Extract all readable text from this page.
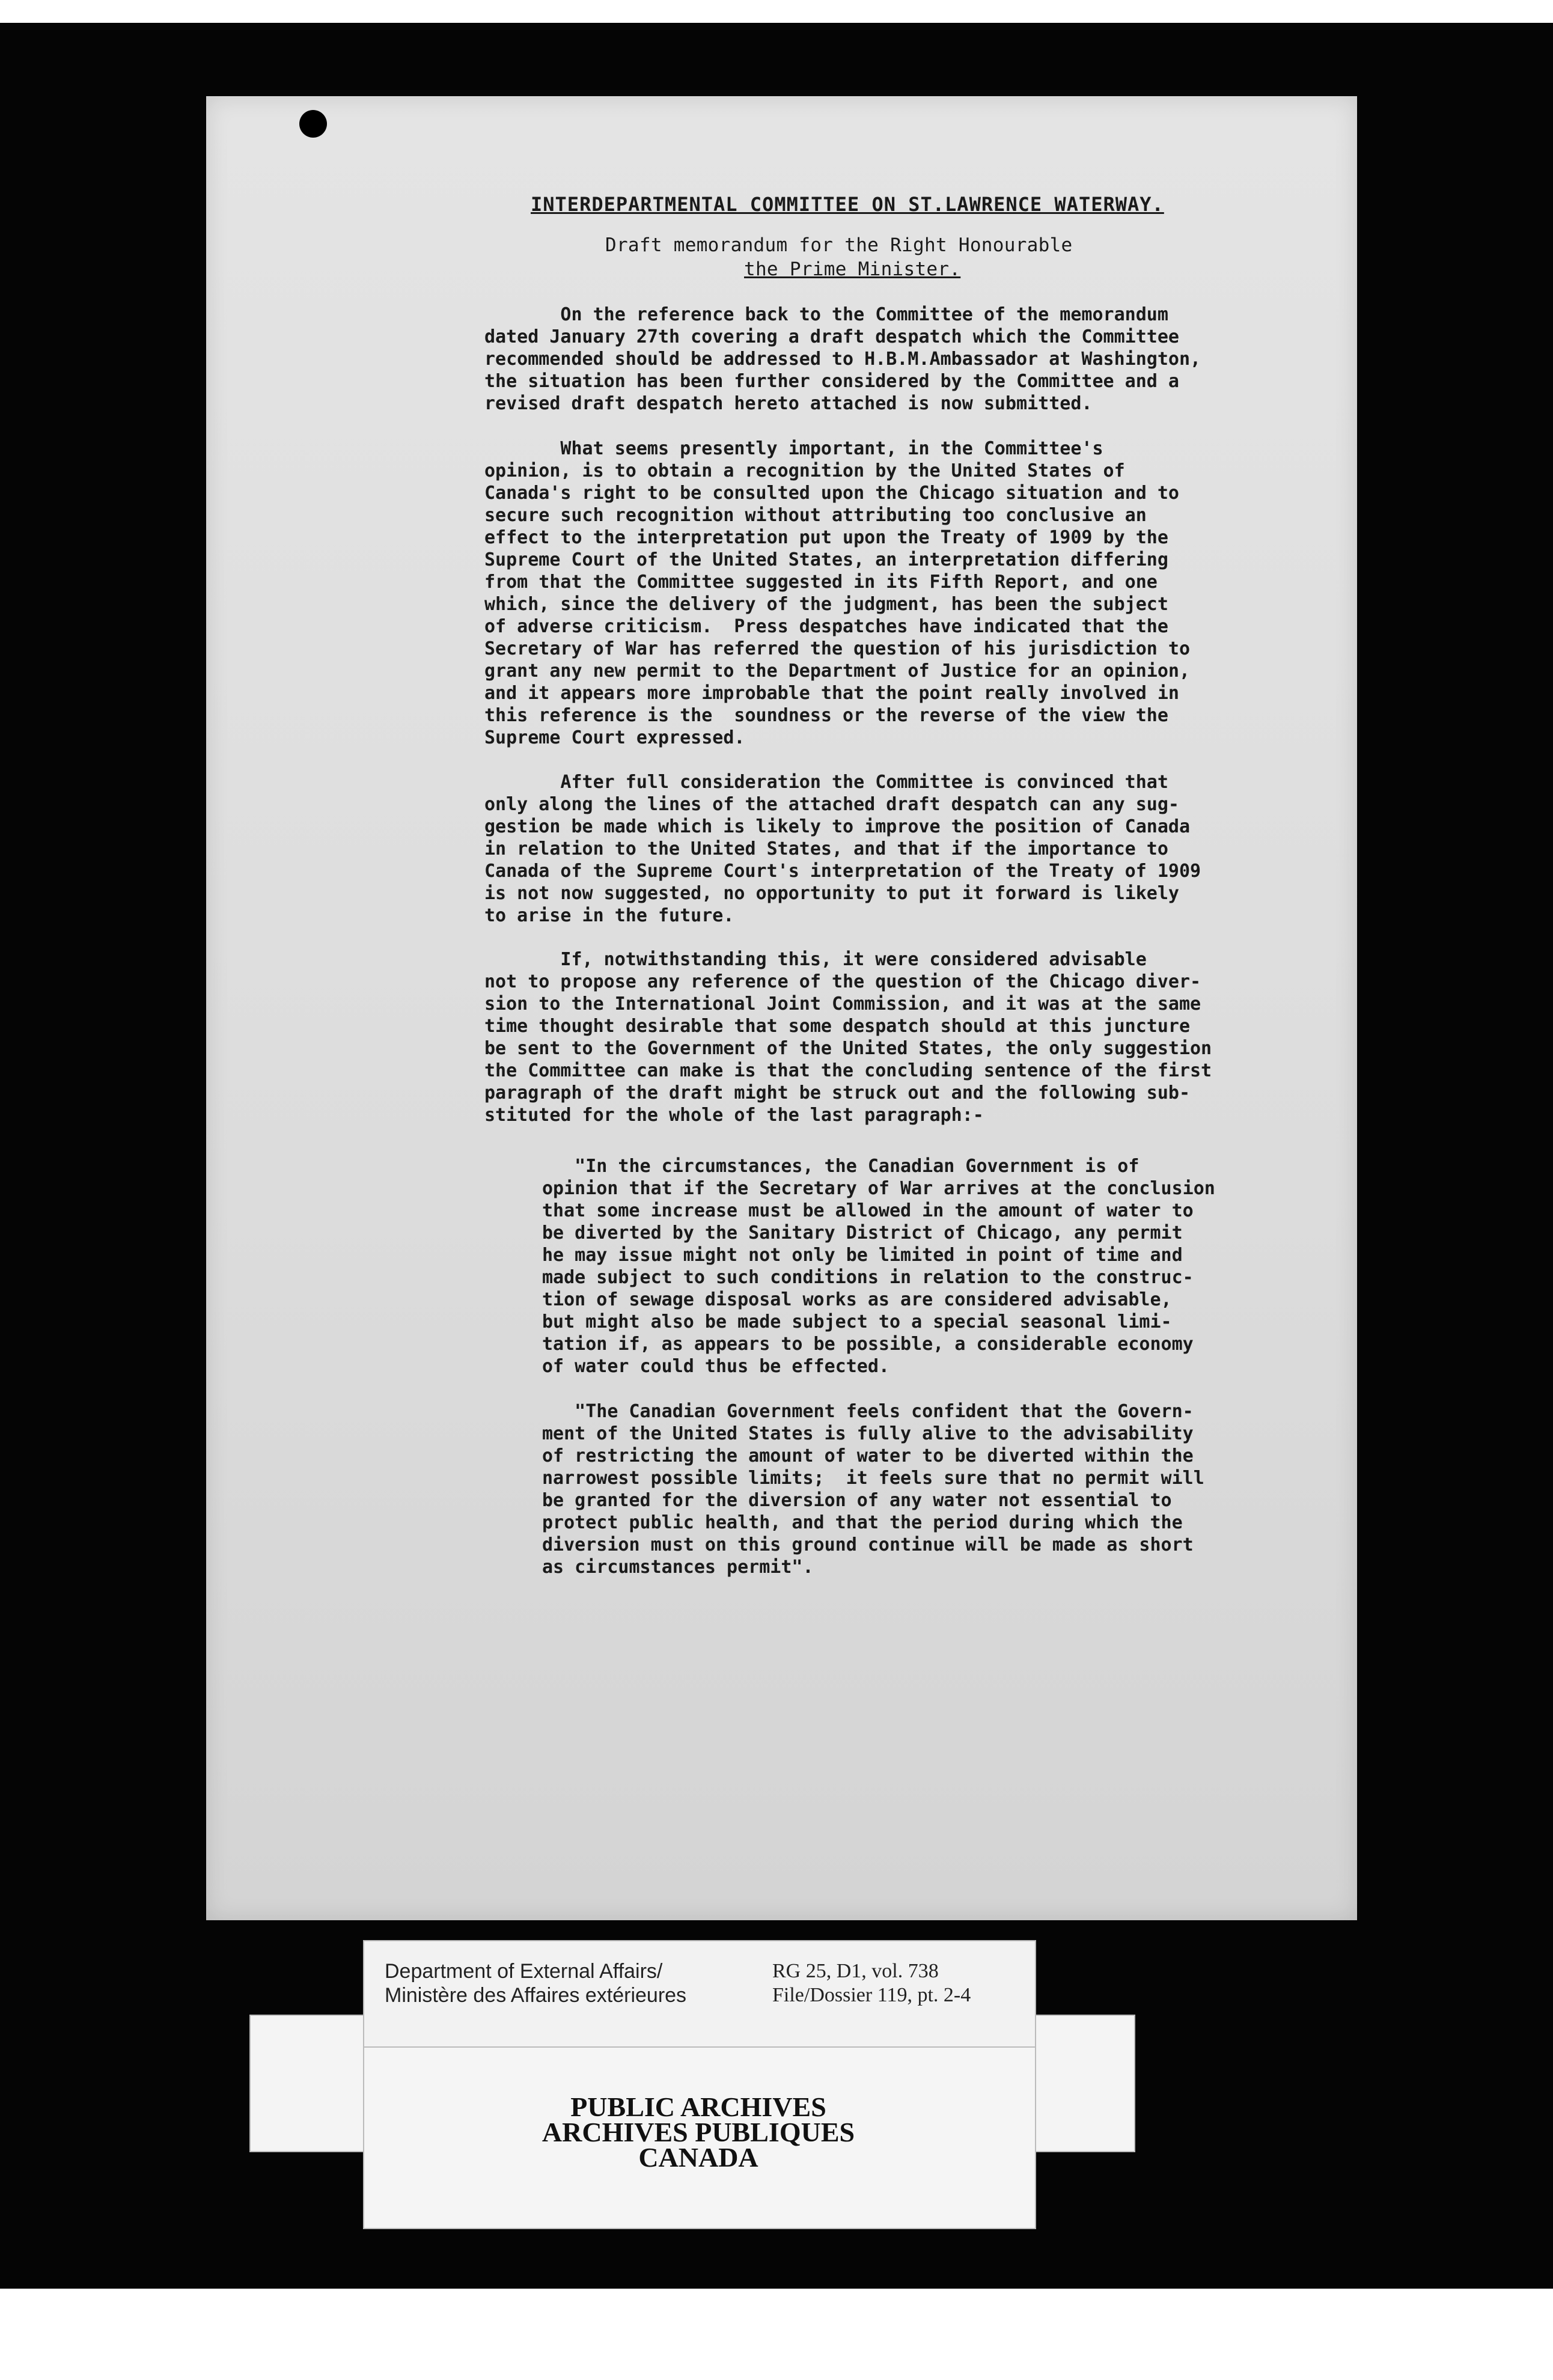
INTERDEPARTMENTAL COMMITTEE ON ST.LAWRENCE WATERWAY.
Draft memorandum for the Right Honourable
the Prime Minister.
On the reference back to the Committee of the memorandum
dated January 27th covering a draft despatch which the Committee
recommended should be addressed to H.B.M.Ambassador at Washington,
the situation has been further considered by the Committee and a
revised draft despatch hereto attached is now submitted.
What seems presently important, in the Committee's
opinion, is to obtain a recognition by the United States of
Canada's right to be consulted upon the Chicago situation and to
secure such recognition without attributing too conclusive an
effect to the interpretation put upon the Treaty of 1909 by the
Supreme Court of the United States, an interpretation differing
from that the Committee suggested in its Fifth Report, and one
which, since the delivery of the judgment, has been the subject
of adverse criticism.  Press despatches have indicated that the
Secretary of War has referred the question of his jurisdiction to
grant any new permit to the Department of Justice for an opinion,
and it appears more improbable that the point really involved in
this reference is the  soundness or the reverse of the view the
Supreme Court expressed.
After full consideration the Committee is convinced that
only along the lines of the attached draft despatch can any sug-
gestion be made which is likely to improve the position of Canada
in relation to the United States, and that if the importance to
Canada of the Supreme Court's interpretation of the Treaty of 1909
is not now suggested, no opportunity to put it forward is likely
to arise in the future.
If, notwithstanding this, it were considered advisable
not to propose any reference of the question of the Chicago diver-
sion to the International Joint Commission, and it was at the same
time thought desirable that some despatch should at this juncture
be sent to the Government of the United States, the only suggestion
the Committee can make is that the concluding sentence of the first
paragraph of the draft might be struck out and the following sub-
stituted for the whole of the last paragraph:-
"In the circumstances, the Canadian Government is of
opinion that if the Secretary of War arrives at the conclusion
that some increase must be allowed in the amount of water to
be diverted by the Sanitary District of Chicago, any permit
he may issue might not only be limited in point of time and
made subject to such conditions in relation to the construc-
tion of sewage disposal works as are considered advisable,
but might also be made subject to a special seasonal limi-
tation if, as appears to be possible, a considerable economy
of water could thus be effected.
"The Canadian Government feels confident that the Govern-
ment of the United States is fully alive to the advisability
of restricting the amount of water to be diverted within the
narrowest possible limits;  it feels sure that no permit will
be granted for the diversion of any water not essential to
protect public health, and that the period during which the
diversion must on this ground continue will be made as short
as circumstances permit".
Department of External Affairs/
Ministère des Affaires extérieures
RG 25, D1, vol. 738
File/Dossier 119, pt. 2-4
PUBLIC ARCHIVES
ARCHIVES PUBLIQUES
CANADA
